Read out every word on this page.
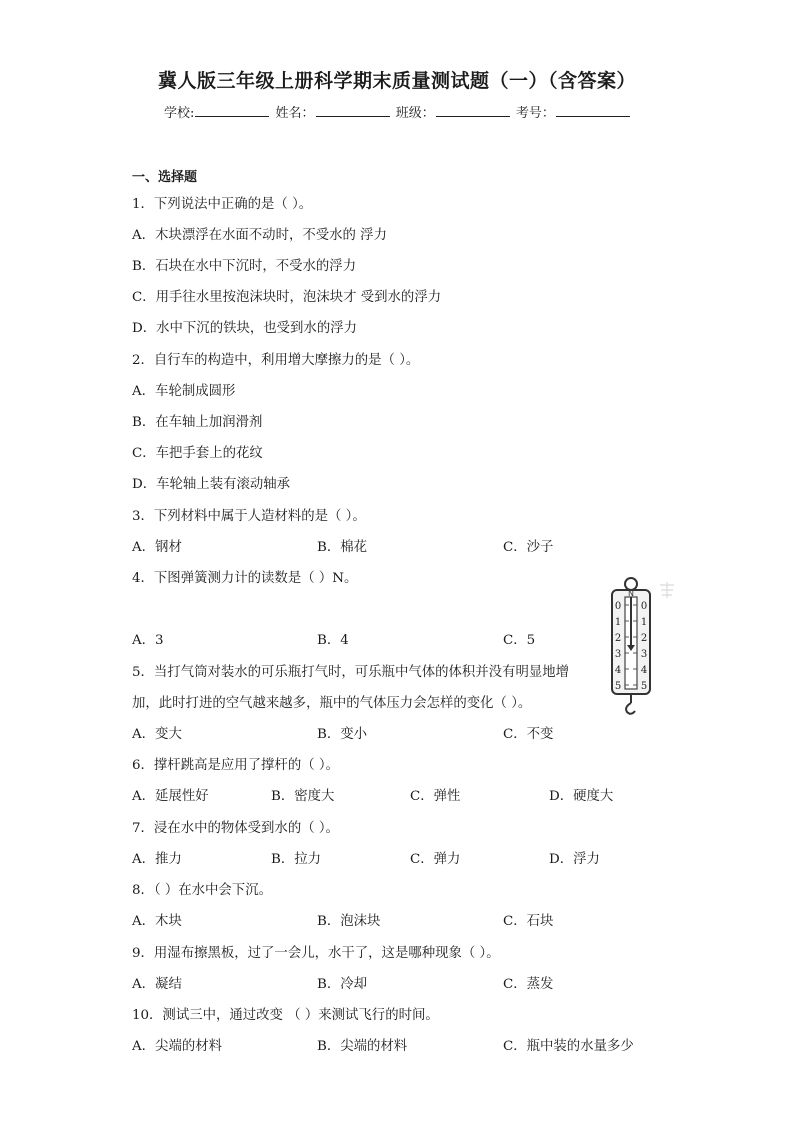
冀人版三年级上册科学期末质量测试题（一）（含答案）
学校:	姓名：	班级：	考号：
一、选择题
1．下列说法中正确的是（ ）。
A．木块漂浮在水面不动时，不受水的 浮力
B．石块在水中下沉时，不受水的浮力
C．用手往水里按泡沫块时，泡沫块才 受到水的浮力
D．水中下沉的铁块，也受到水的浮力
2．自行车的构造中，利用增大摩擦力的是（ ）。
A．车轮制成圆形
B．在车轴上加润滑剂
C．车把手套上的花纹
D．车轮轴上装有滚动轴承
3．下列材料中属于人造材料的是（ ）。
A．钢材	B．棉花	C．沙子
4．下图弹簧测力计的读数是（ ）N。
A．3	B．4	C．5
N
0
1
2
3
4
5
0
1
2
3
4
5
5．当打气筒对装水的可乐瓶打气时，可乐瓶中气体的体积并没有明显地增
加，此时打进的空气越来越多，瓶中的气体压力会怎样的变化（ ）。
A．变大	B．变小	C．不变
6．撑杆跳高是应用了撑杆的（ ）。
A．延展性好	B．密度大	C．弹性	D．硬度大
7．浸在水中的物体受到水的（ ）。
A．推力	B．拉力	C．弹力	D．浮力
8．（ ）在水中会下沉。
A．木块	B．泡沫块	C．石块
9．用湿布擦黑板，过了一会儿，水干了，这是哪种现象（ ）。
A．凝结	B．冷却	C．蒸发
10．测试三中，通过改变 （ ）来测试飞行的时间。
A．尖端的材料	B．尖端的材料	C．瓶中装的水量多少
